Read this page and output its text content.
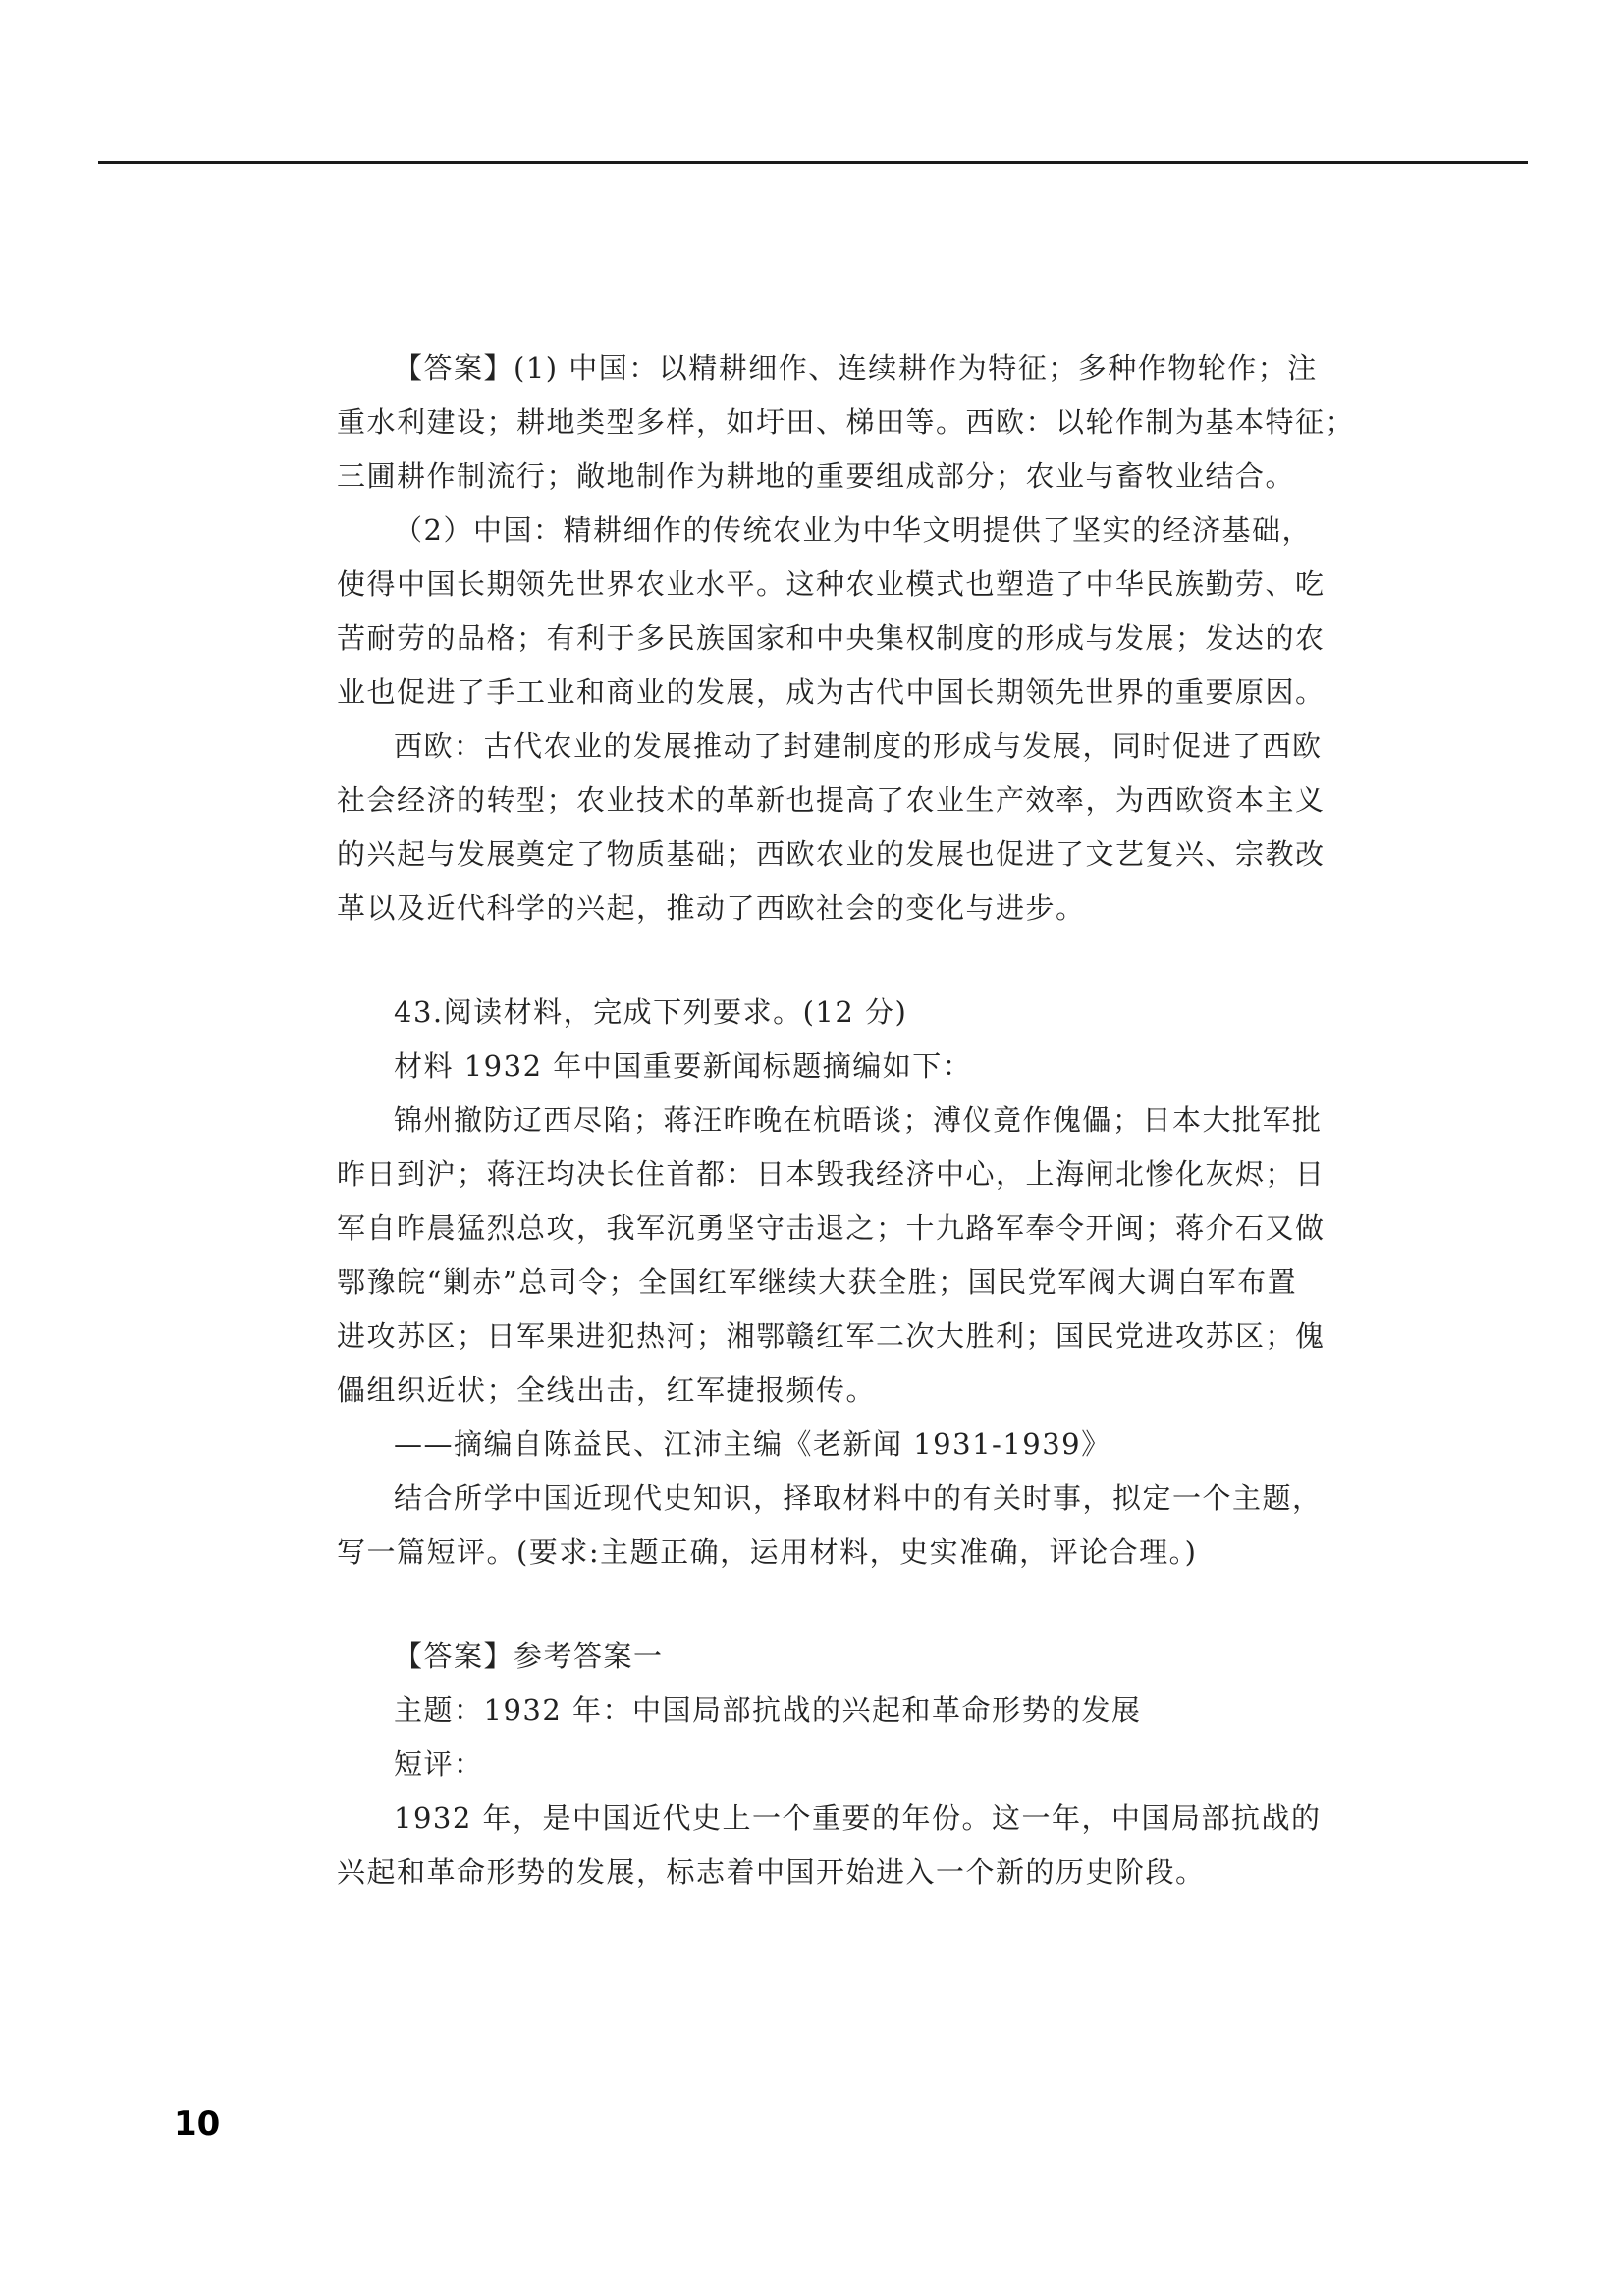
【答案】(1) 中国：以精耕细作、连续耕作为特征；多种作物轮作；注
重水利建设；耕地类型多样，如圩田、梯田等。西欧：以轮作制为基本特征；
三圃耕作制流行；敞地制作为耕地的重要组成部分；农业与畜牧业结合。
（2）中国：精耕细作的传统农业为中华文明提供了坚实的经济基础，
使得中国长期领先世界农业水平。这种农业模式也塑造了中华民族勤劳、吃
苦耐劳的品格；有利于多民族国家和中央集权制度的形成与发展；发达的农
业也促进了手工业和商业的发展，成为古代中国长期领先世界的重要原因。
西欧：古代农业的发展推动了封建制度的形成与发展，同时促进了西欧
社会经济的转型；农业技术的革新也提高了农业生产效率，为西欧资本主义
的兴起与发展奠定了物质基础；西欧农业的发展也促进了文艺复兴、宗教改
革以及近代科学的兴起，推动了西欧社会的变化与进步。
43.阅读材料，完成下列要求。(12 分)
材料 1932 年中国重要新闻标题摘编如下：
锦州撤防辽西尽陷；蒋汪昨晚在杭晤谈；溥仪竟作傀儡；日本大批军批
昨日到沪；蒋汪均决长住首都：日本毁我经济中心，上海闸北惨化灰烬；日
军自昨晨猛烈总攻，我军沉勇坚守击退之；十九路军奉令开闽；蒋介石又做
鄂豫皖“剿赤”总司令；全国红军继续大获全胜；国民党军阀大调白军布置
进攻苏区；日军果进犯热河；湘鄂赣红军二次大胜利；国民党进攻苏区；傀
儡组织近状；全线出击，红军捷报频传。
——摘编自陈益民、江沛主编《老新闻 1931-1939》
结合所学中国近现代史知识，择取材料中的有关时事，拟定一个主题，
写一篇短评。(要求:主题正确，运用材料，史实准确，评论合理。)
【答案】参考答案一
主题：1932 年：中国局部抗战的兴起和革命形势的发展
短评：
1932 年，是中国近代史上一个重要的年份。这一年，中国局部抗战的
兴起和革命形势的发展，标志着中国开始进入一个新的历史阶段。
10
